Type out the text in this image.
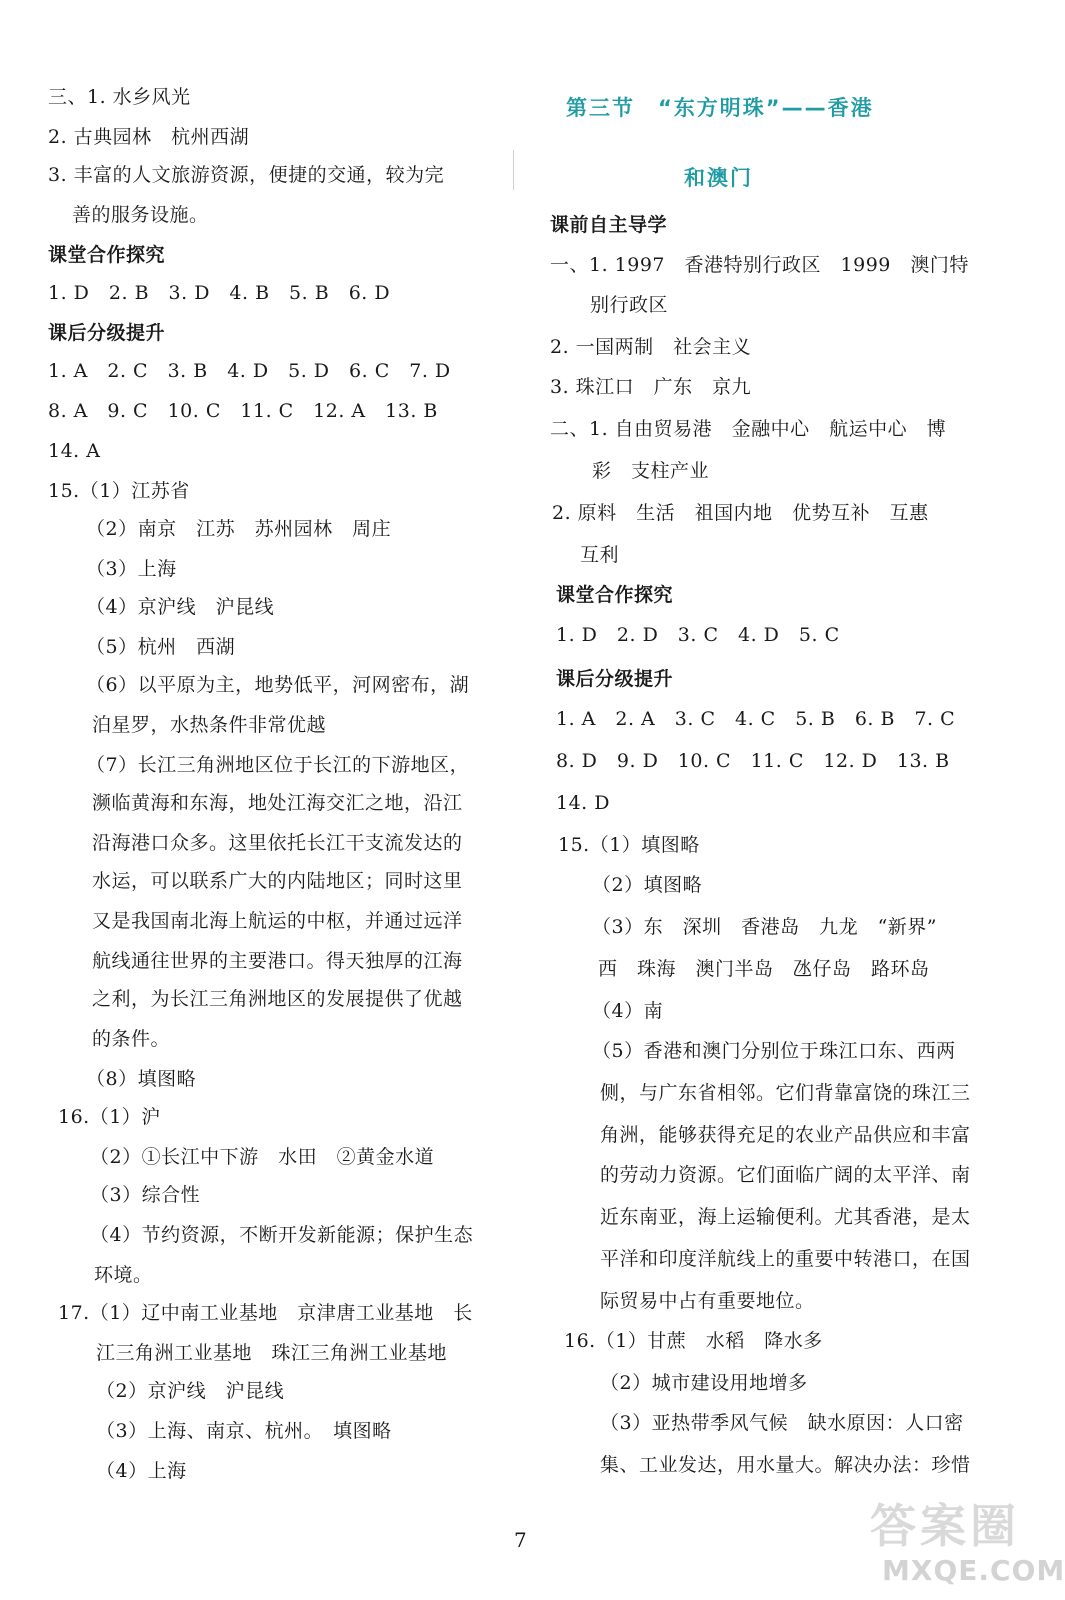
三、1. 水乡风光
2. 古典园林　杭州西湖
3. 丰富的人文旅游资源，便捷的交通，较为完
善的服务设施。
课堂合作探究
1. D　2. B　3. D　4. B　5. B　6. D
课后分级提升
1. A　2. C　3. B　4. D　5. D　6. C　7. D
8. A　9. C　10. C　11. C　12. A　13. B
14. A
15.（1）江苏省
（2）南京　江苏　苏州园林　周庄
（3）上海
（4）京沪线　沪昆线
（5）杭州　西湖
（6）以平原为主，地势低平，河网密布，湖
泊星罗，水热条件非常优越
（7）长江三角洲地区位于长江的下游地区，
濒临黄海和东海，地处江海交汇之地，沿江
沿海港口众多。这里依托长江干支流发达的
水运，可以联系广大的内陆地区；同时这里
又是我国南北海上航运的中枢，并通过远洋
航线通往世界的主要港口。得天独厚的江海
之利，为长江三角洲地区的发展提供了优越
的条件。
（8）填图略
16.（1）沪
（2）①长江中下游　水田　②黄金水道
（3）综合性
（4）节约资源，不断开发新能源；保护生态
环境。
17.（1）辽中南工业基地　京津唐工业基地　长
江三角洲工业基地　珠江三角洲工业基地
（2）京沪线　沪昆线
（3）上海、南京、杭州。　填图略
（4）上海
第三节　“东方明珠”——香港
和澳门
课前自主导学
一、1. 1997　香港特别行政区　1999　澳门特
别行政区
2. 一国两制　社会主义
3. 珠江口　广东　京九
二、1. 自由贸易港　金融中心　航运中心　博
彩　支柱产业
2. 原料　生活　祖国内地　优势互补　互惠
互利
课堂合作探究
1. D　2. D　3. C　4. D　5. C
课后分级提升
1. A　2. A　3. C　4. C　5. B　6. B　7. C
8. D　9. D　10. C　11. C　12. D　13. B
14. D
15.（1）填图略
（2）填图略
（3）东　深圳　香港岛　九龙　“新界”
西　珠海　澳门半岛　氹仔岛　路环岛
（4）南
（5）香港和澳门分别位于珠江口东、西两
侧，与广东省相邻。它们背靠富饶的珠江三
角洲，能够获得充足的农业产品供应和丰富
的劳动力资源。它们面临广阔的太平洋、南
近东南亚，海上运输便利。尤其香港，是太
平洋和印度洋航线上的重要中转港口，在国
际贸易中占有重要地位。
16.（1）甘蔗　水稻　降水多
（2）城市建设用地增多
（3）亚热带季风气候　缺水原因：人口密
集、工业发达，用水量大。解决办法：珍惜
7	答案圈
MXQE.COM
